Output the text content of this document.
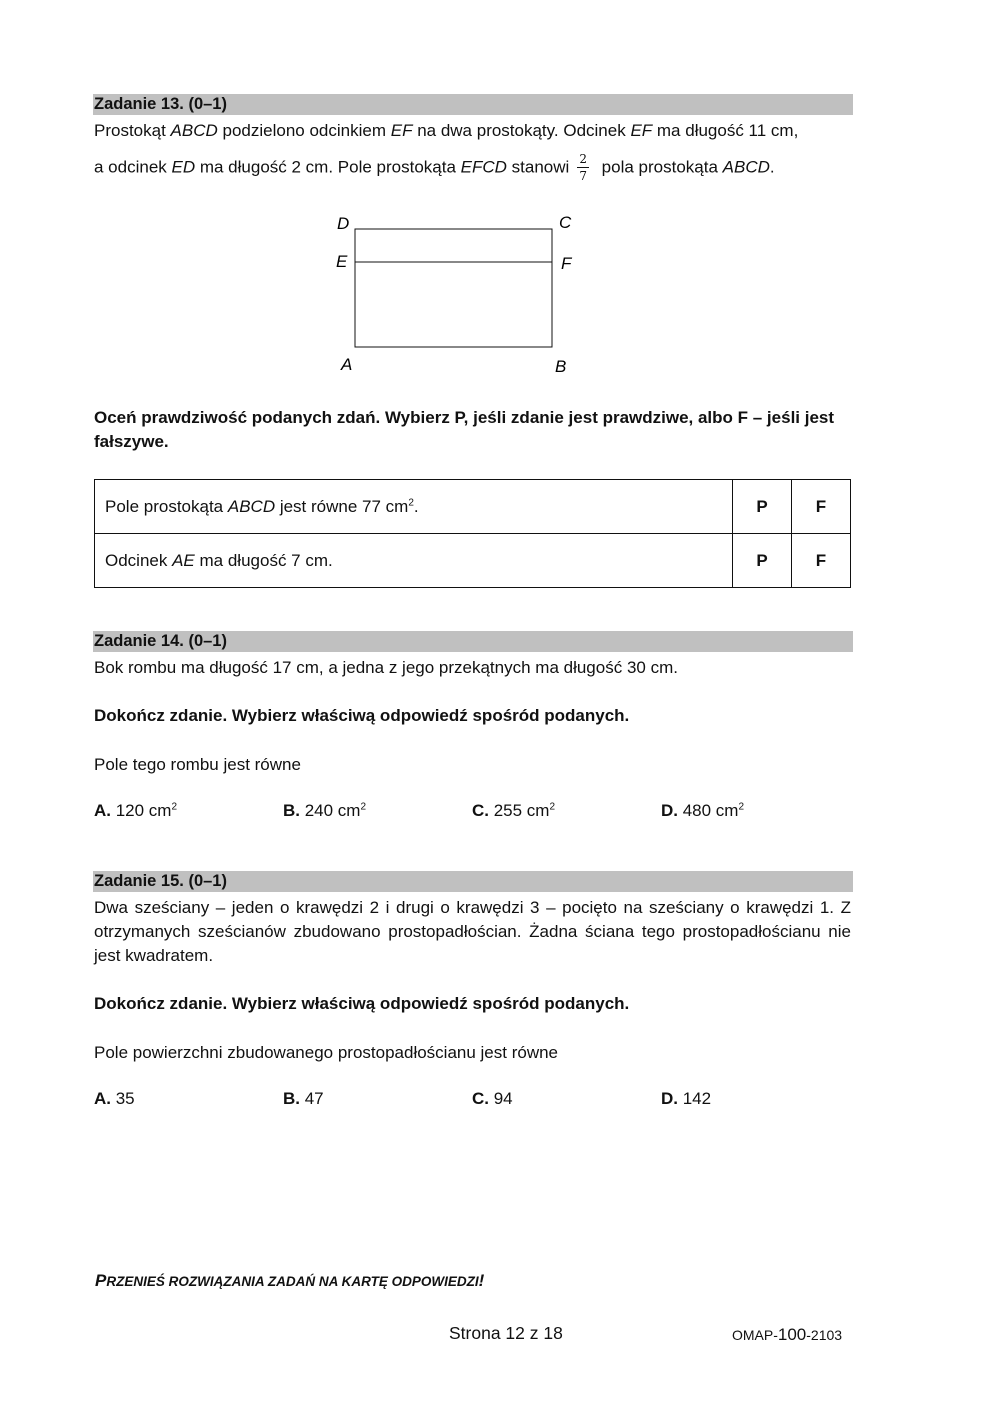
Zadanie 13. (0–1)
Prostokąt ABCD podzielono odcinkiem EF na dwa prostokąty. Odcinek EF ma długość 11 cm,
a odcinek ED ma długość 2 cm. Pole prostokąta EFCD stanowi $\frac{2}{7}$ pola prostokąta ABCD.
D	C
E	F
A	B
Oceń prawdziwość podanych zdań. Wybierz P, jeśli zdanie jest prawdziwe, albo F – jeśli jest fałszywe.
Pole prostokąta ABCD jest równe 77 $cm^2$.	P	F
Odcinek AE ma długość 7 cm.	P	F
Zadanie 14. (0–1)
Bok rombu ma długość 17 cm, a jedna z jego przekątnych ma długość 30 cm.
Dokończ zdanie. Wybierz właściwą odpowiedź spośród podanych.
Pole tego rombu jest równe
A. 120 $cm^2$	B. 240 $cm^2$	C. 255 $cm^2$	D. 480 $cm^2$
Zadanie 15. (0–1)
Dwa sześciany – jeden o krawędzi 2 i drugi o krawędzi 3 – pocięto na sześciany o krawędzi 1. Z otrzymanych sześcianów zbudowano prostopadłościan. Żadna ściana tego prostopadłościanu nie jest kwadratem.
Dokończ zdanie. Wybierz właściwą odpowiedź spośród podanych.
Pole powierzchni zbudowanego prostopadłościanu jest równe
A. 35	B. 47	C. 94	D. 142
PRZENIEŚ ROZWIĄZANIA ZADAŃ NA KARTĘ ODPOWIEDZI!
Strona 12 z 18	OMAP-100-2103
